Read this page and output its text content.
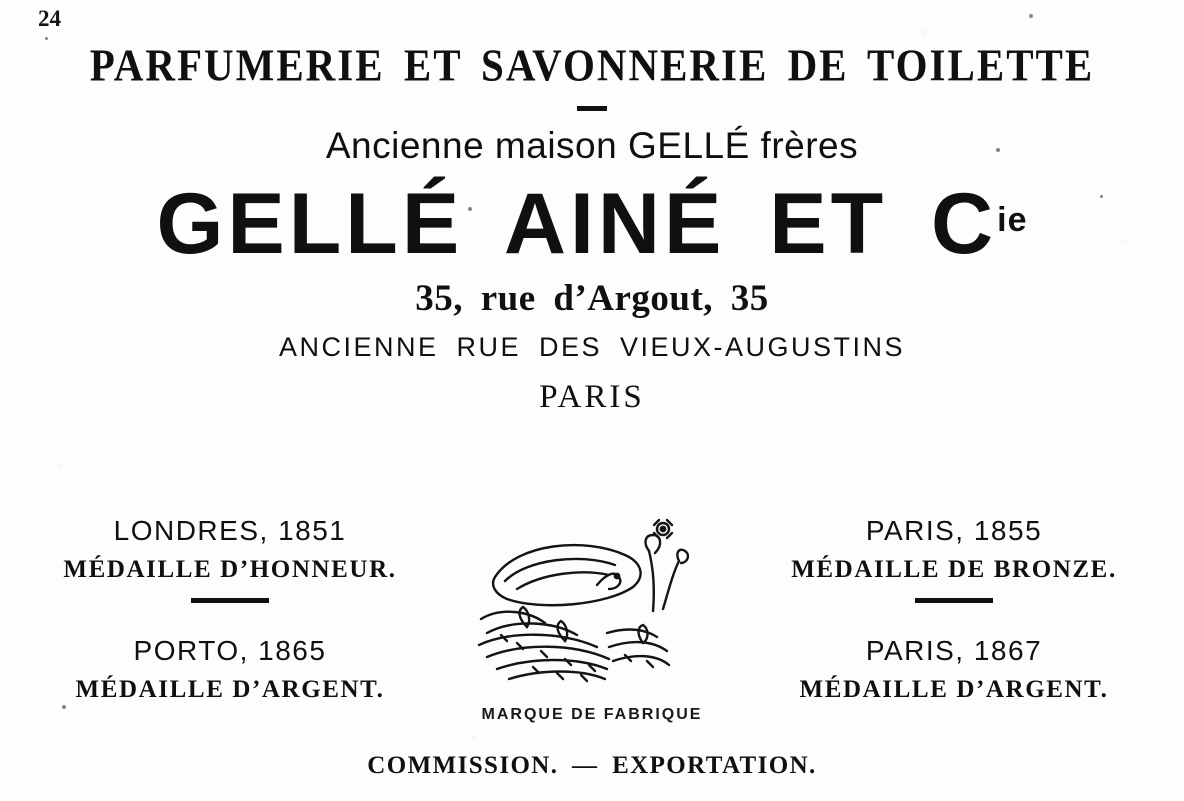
24
PARFUMERIE ET SAVONNERIE DE TOILETTE
Ancienne maison GELLÉ frères
GELLÉ AINÉ ET $C^{ie}$
35, rue d’Argout, 35
ANCIENNE RUE DES VIEUX-AUGUSTINS
PARIS
LONDRES, 1851
MÉDAILLE D’HONNEUR.
PARIS, 1855
MÉDAILLE DE BRONZE.
PORTO, 1865
MÉDAILLE D’ARGENT.
PARIS, 1867
MÉDAILLE D’ARGENT.
MARQUE DE FABRIQUE
COMMISSION. — EXPORTATION.
